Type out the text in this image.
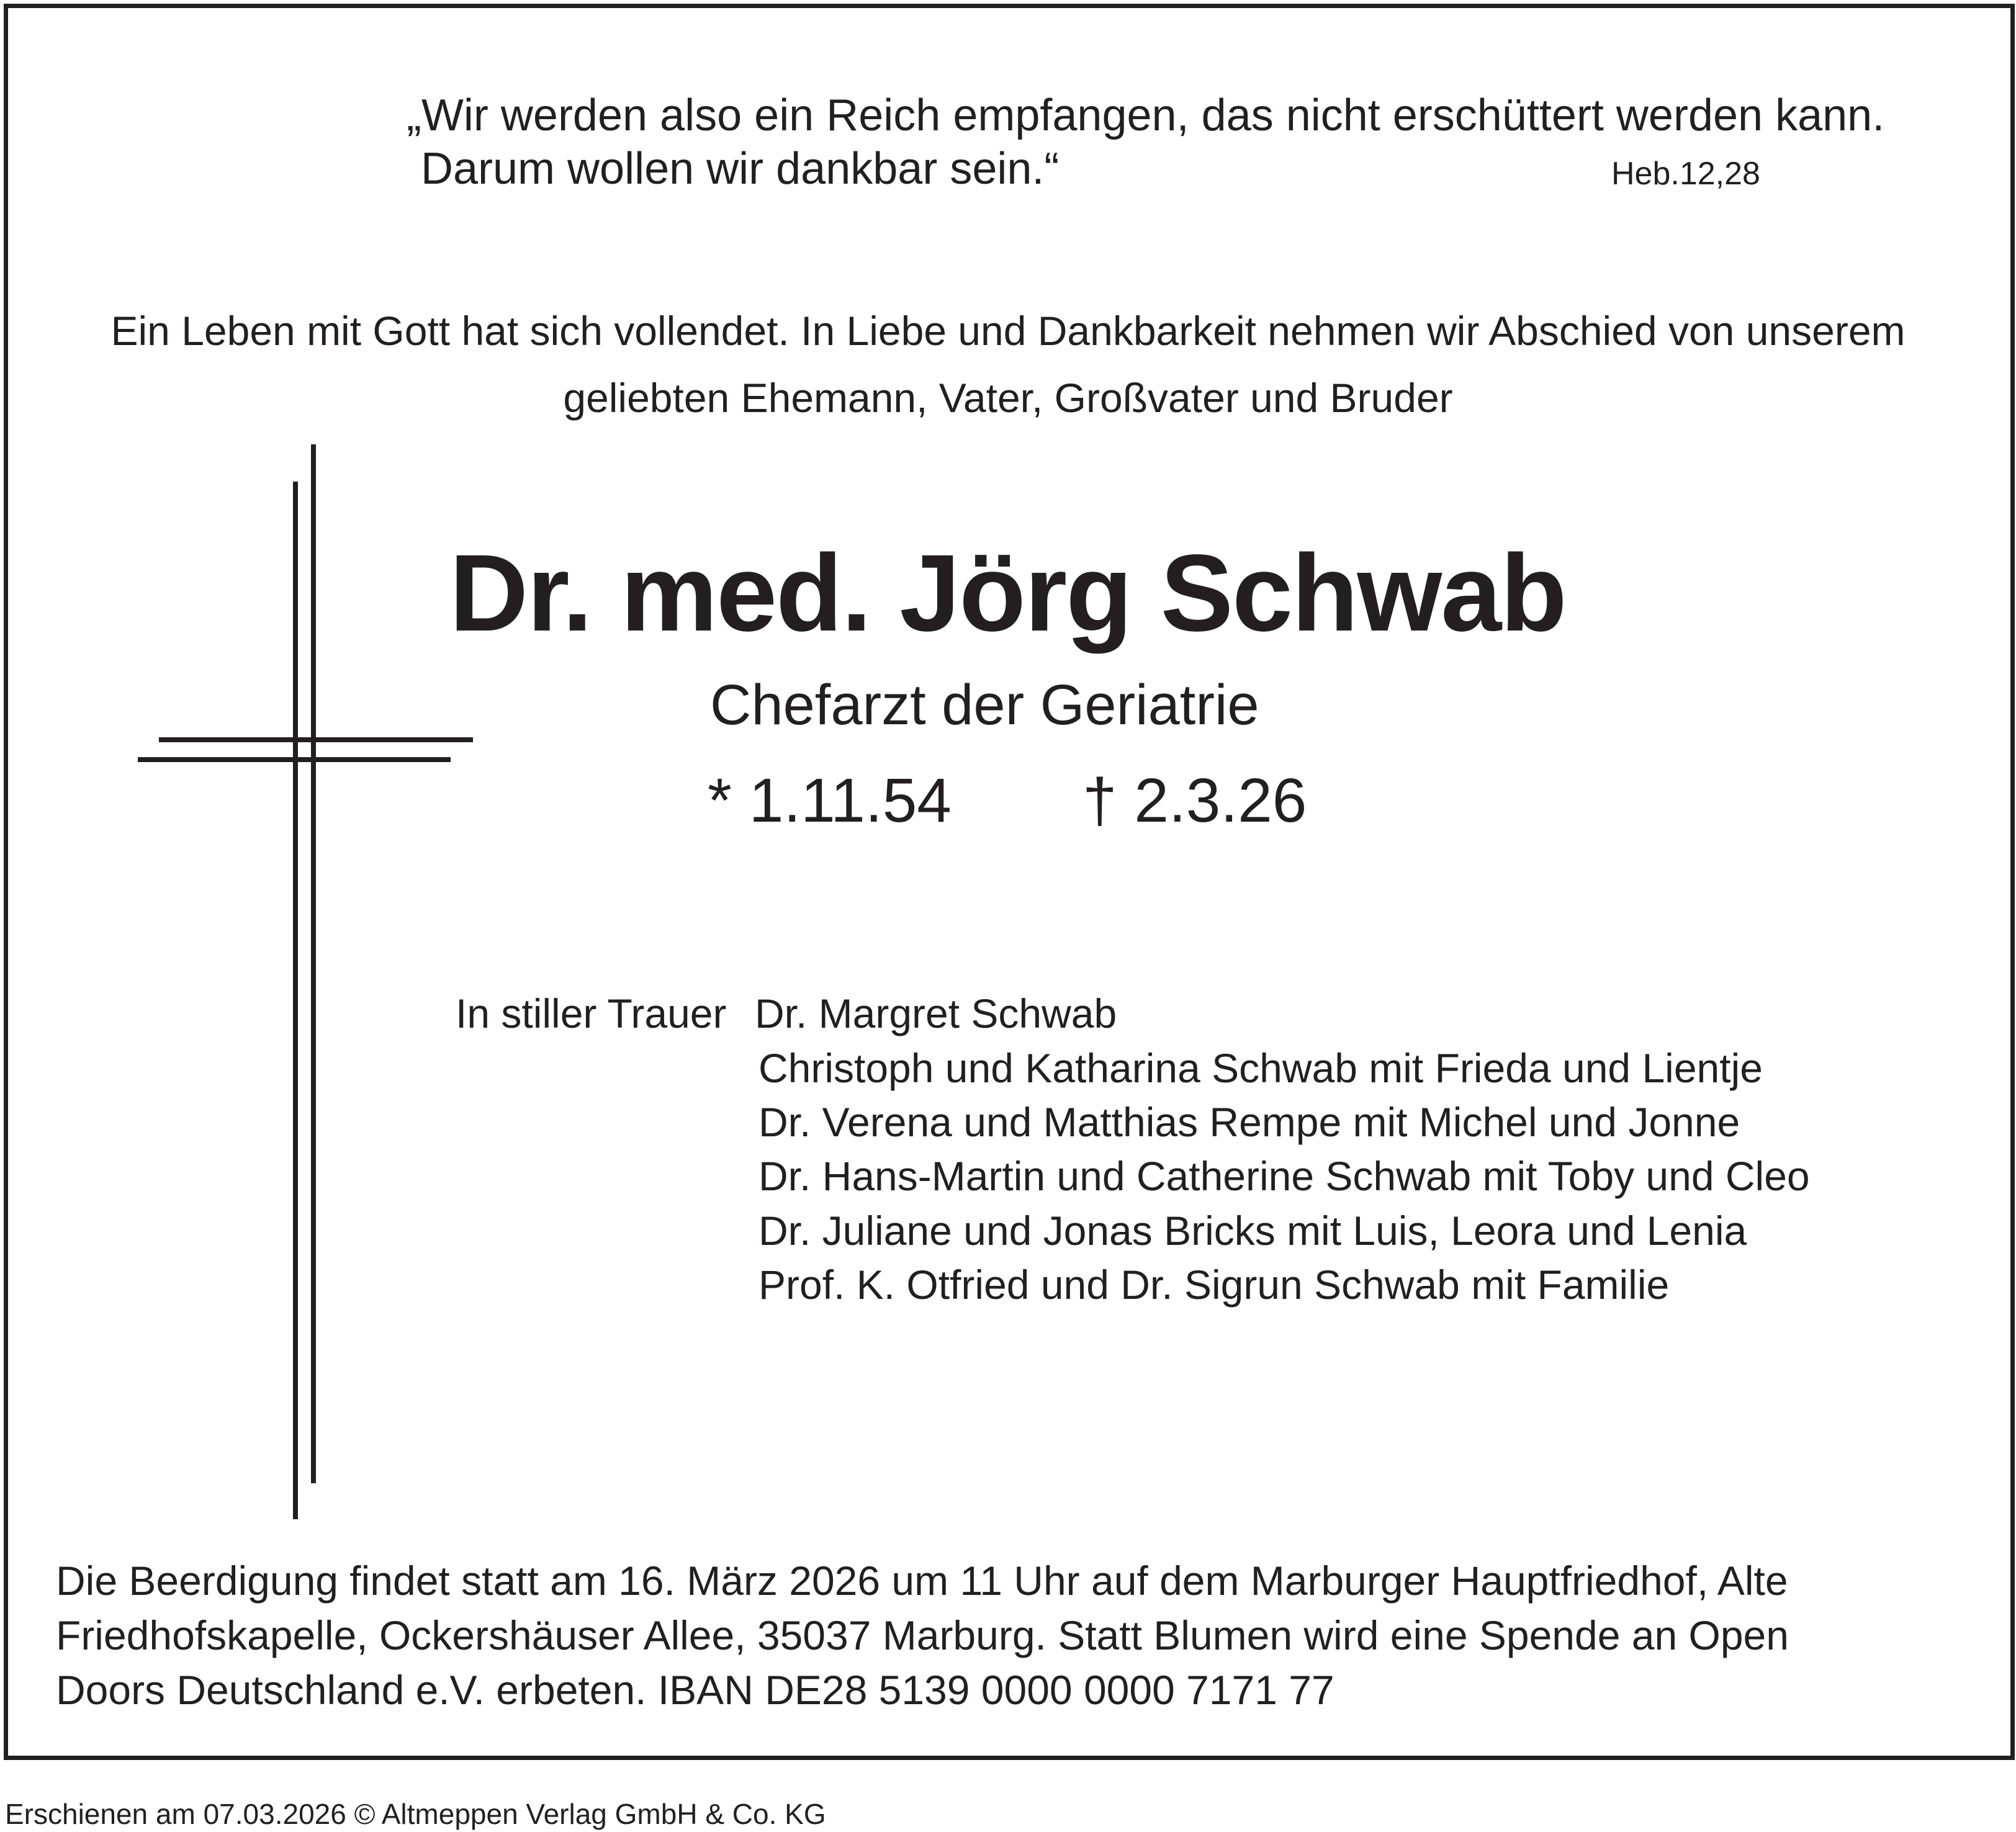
„Wir werden also ein Reich empfangen, das nicht erschüttert werden kann.
Darum wollen wir dankbar sein.“	Heb.12,28
Ein Leben mit Gott hat sich vollendet. In Liebe und Dankbarkeit nehmen wir Abschied von unserem
geliebten Ehemann, Vater, Großvater und Bruder
Dr. med. Jörg Schwab
Chefarzt der Geriatrie
* 1.11.54 † 2.3.26
In stiller Trauer Dr. Margret Schwab
Christoph und Katharina Schwab mit Frieda und Lientje
Dr. Verena und Matthias Rempe mit Michel und Jonne
Dr. Hans-Martin und Catherine Schwab mit Toby und Cleo
Dr. Juliane und Jonas Bricks mit Luis, Leora und Lenia
Prof. K. Otfried und Dr. Sigrun Schwab mit Familie
Die Beerdigung findet statt am 16. März 2026 um 11 Uhr auf dem Marburger Hauptfriedhof, Alte
Friedhofskapelle, Ockershäuser Allee, 35037 Marburg. Statt Blumen wird eine Spende an Open
Doors Deutschland e.V. erbeten. IBAN DE28 5139 0000 0000 7171 77
Erschienen am 07.03.2026 © Altmeppen Verlag GmbH & Co. KG
